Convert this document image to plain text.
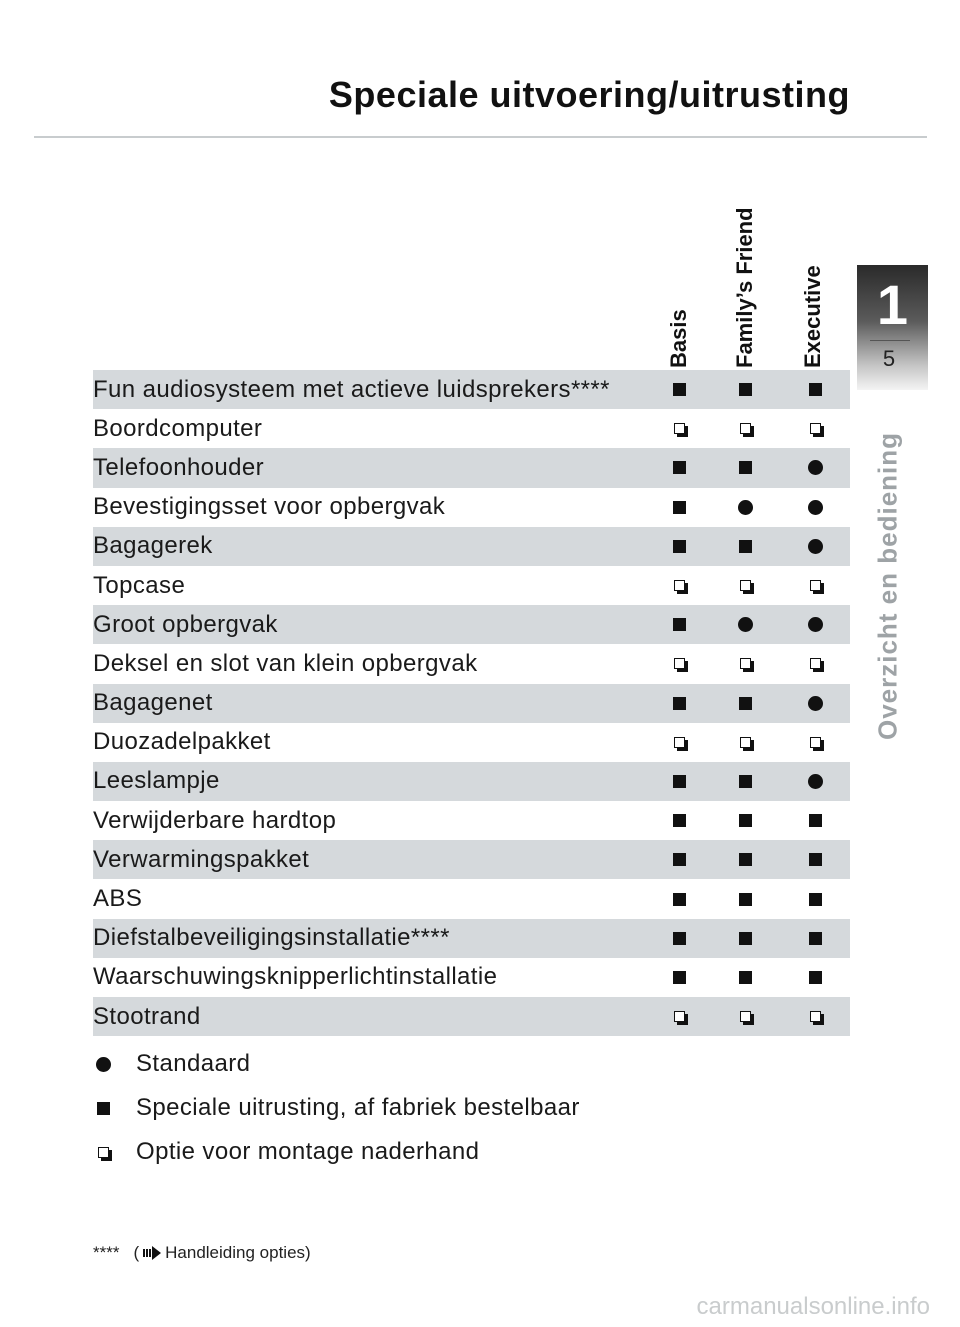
Speciale uitvoering/uitrusting
1
5
Overzicht en bediening
Basis Family’s Friend Executive
Fun audiosysteem met actieve luidsprekers****
Boordcomputer
Telefoonhouder
Bevestigingsset voor opbergvak
Bagagerek
Topcase
Groot opbergvak
Deksel en slot van klein opbergvak
Bagagenet
Duozadelpakket
Leeslampje
Verwijderbare hardtop
Verwarmingspakket
ABS
Diefstalbeveiligingsinstallatie****
Waarschuwingsknipperlichtinstallatie
Stootrand
Standaard
Speciale uitrusting, af fabriek bestelbaar
Optie voor montage naderhand
**** ( Handleiding opties)
carmanualsonline.info
